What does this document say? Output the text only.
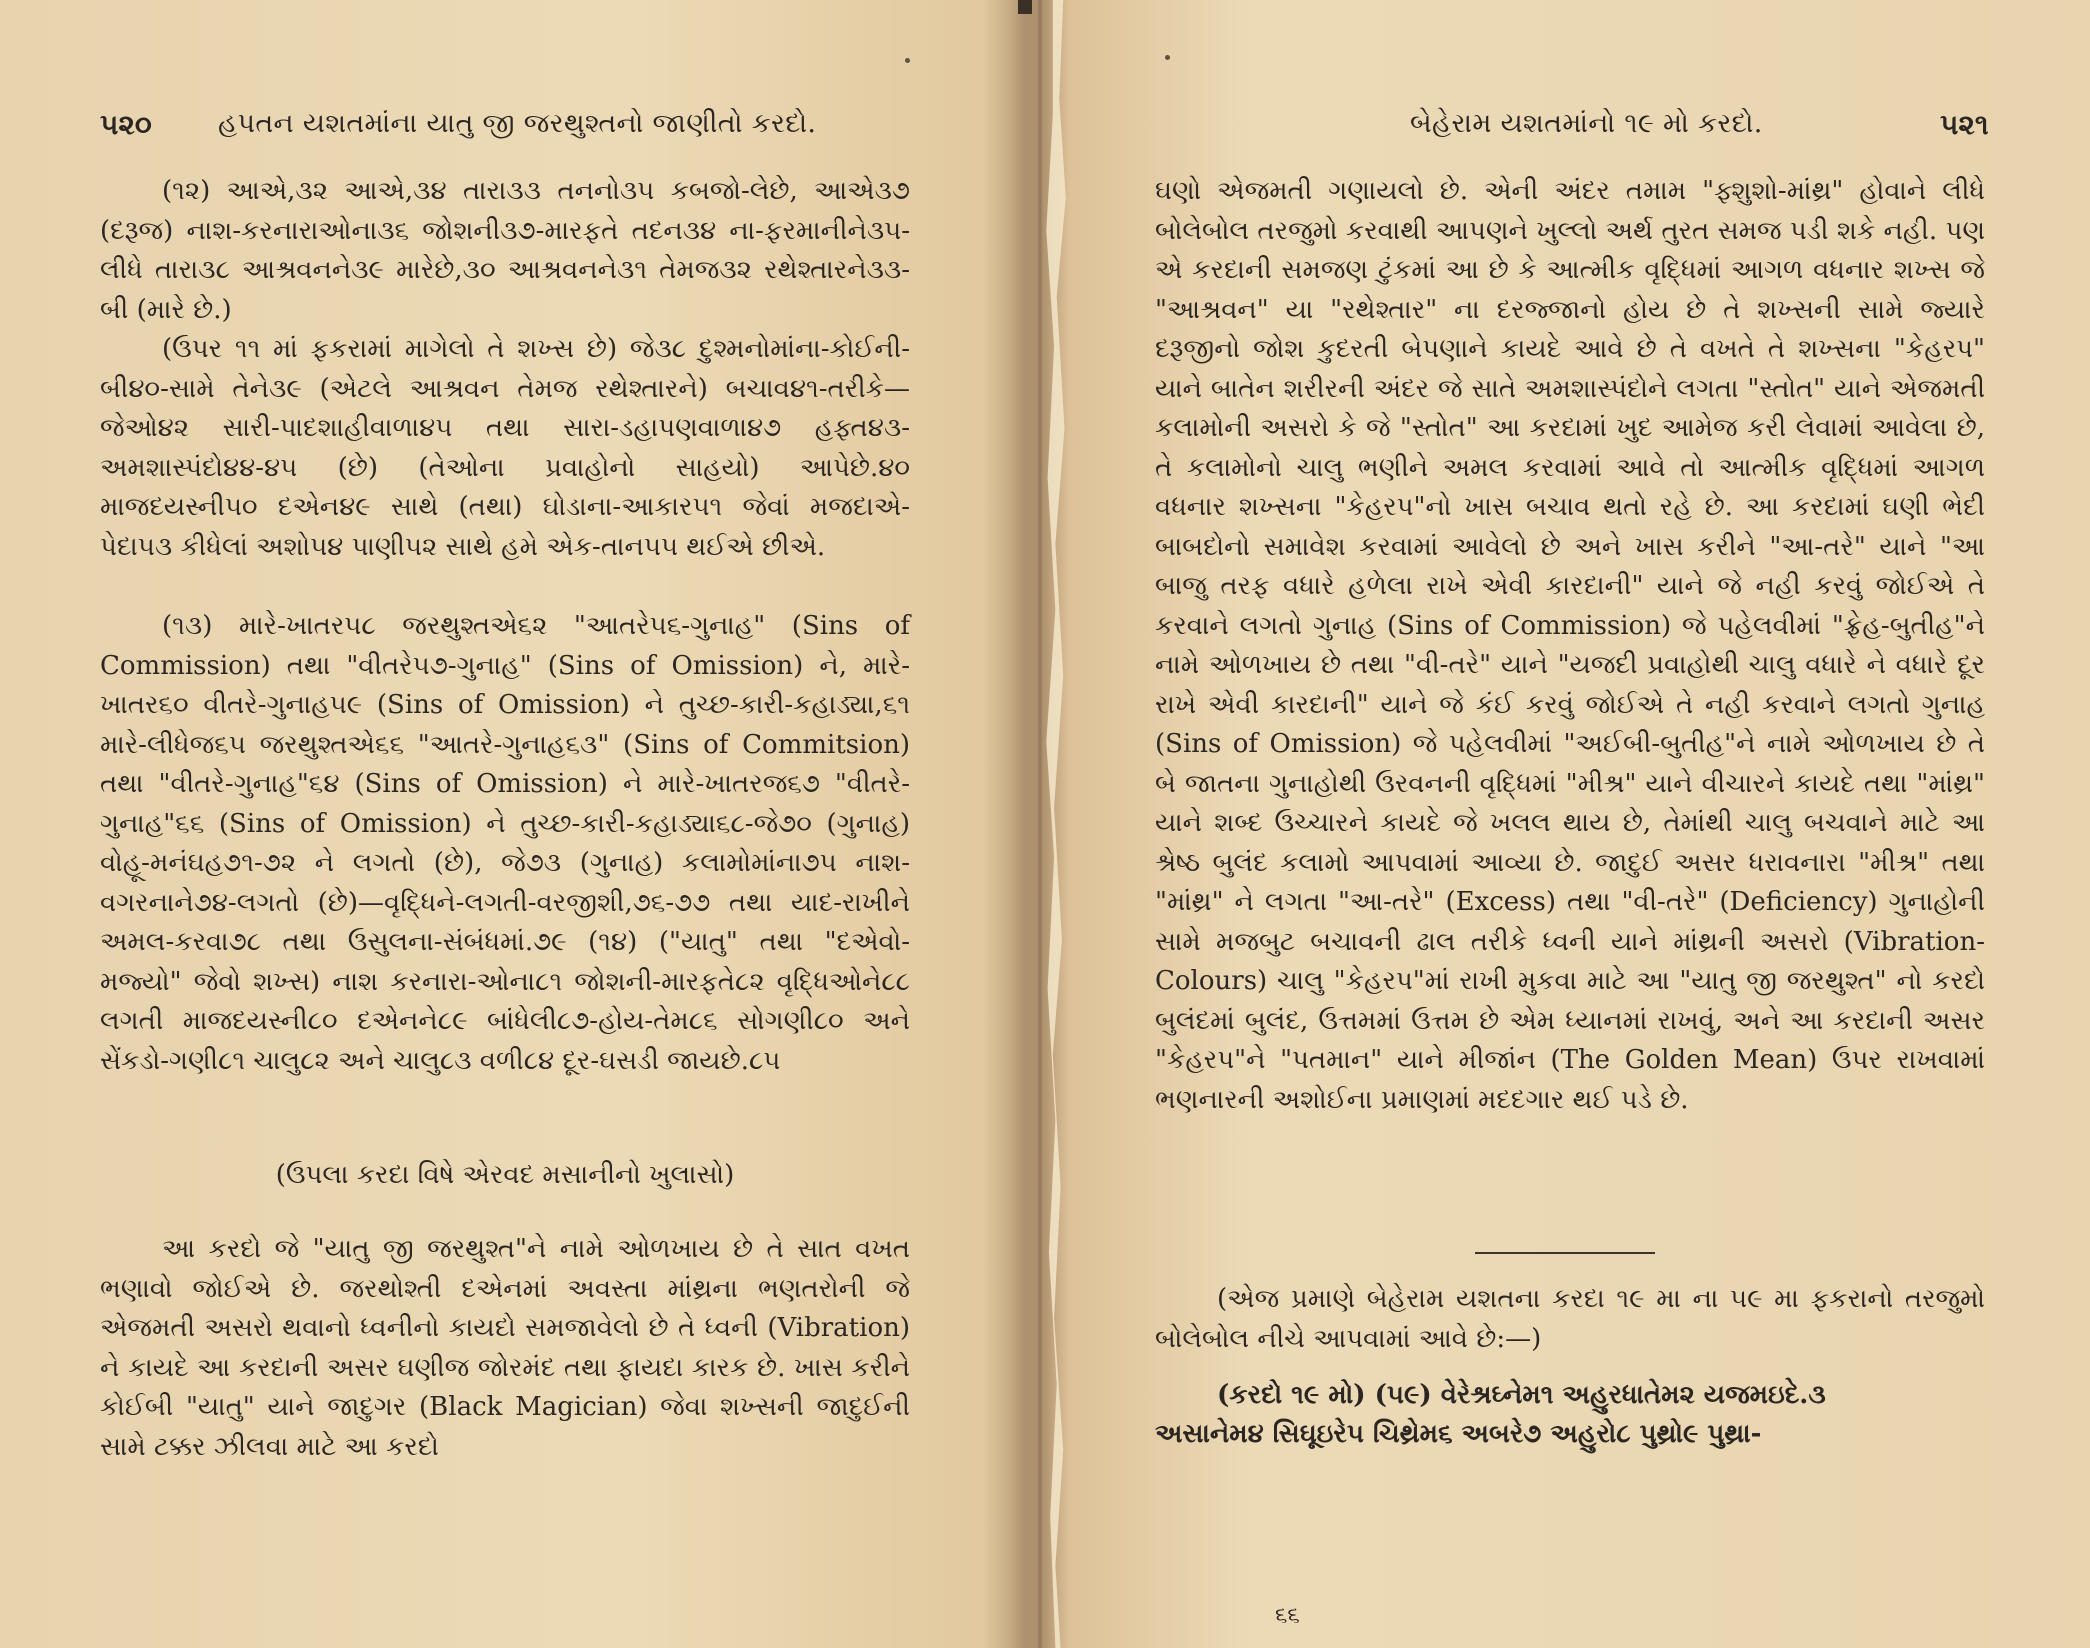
૫૨૦ હપતન યશતમાંના યાતુ જી જરથુશ્તનો જાણીતો કરદો.
(૧૨) આએ,૩૨ આએ,૩૪ તારા૩૩ તનનો૩૫ કબજો-લેછે, આએ૩૭ (દરૂજ) નાશ-કરનારાઓના૩૬ જોશની૩૭-મારફતે તદન૩૪ ના-ફરમાનીને૩૫-લીધે તારા૩૮ આશ્રવનને૩૯ મારેછે,૩૦ આશ્રવનને૩૧ તેમજ૩૨ રથેશ્તારને૩૩-બી (મારે છે.)
(ઉપર ૧૧ માં ફકરામાં માગેલો તે શખ્સ છે) જે૩૮ દુશ્મનોમાંના-કોઈની-બી૪૦-સામે તેને૩૯ (એટલે આશ્રવન તેમજ રથેશ્તારને) બચાવ૪૧-તરીકે—જેઓ૪૨ સારી-પાદશાહીવાળા૪૫ તથા સારા-ડહાપણવાળા૪૭ હફ્ત૪૩-અમશાસ્પંદો૪૪-૪૫ (છે) (તેઓના પ્રવાહોનો સાહયો) આપેછે.૪૦ માજદયસ્ની૫૦ દએન૪૯ સાથે (તથા) ઘોડાના-આકાર૫૧ જેવાં મજદાએ-પેદા૫૩ કીધેલાં અશો૫૪ પાણી૫૨ સાથે હમે એક-તાન૫૫ થઈએ છીએ.
(૧૩) મારે-ખાતર૫૮ જરથુશ્તએ૬૨ "આતરે૫૬-ગુનાહ" (Sins of Commission) તથા "વીતરે૫૭-ગુનાહ" (Sins of Omission) ને, મારે-ખાતર૬૦ વીતરે-ગુનાહ૫૯ (Sins of Omission) ને તુચ્છ-કારી-કહાડ્યા,૬૧ મારે-લીધેજ૬૫ જરથુશ્તએ૬૬ "આતરે-ગુનાહ૬૩" (Sins of Commitsion) તથા "વીતરે-ગુનાહ"૬૪ (Sins of Omission) ને મારે-ખાતરજ૬૭ "વીતરે-ગુનાહ"૬૬ (Sins of Omission) ને તુચ્છ-કારી-કહાડ્યા૬૮-જે૭૦ (ગુનાહ) વોહૂ-મનંઘહ૭૧-૭૨ ને લગતો (છે), જે૭૩ (ગુનાહ) કલામોમાંના૭૫ નાશ-વગરનાને૭૪-લગતો (છે)—વૃદ્ધિને-લગતી-વરજીશી,૭૬-૭૭ તથા યાદ-રાખીને અમલ-કરવા૭૮ તથા ઉસુલના-સંબંધમાં.૭૯ (૧૪) ("યાતુ" તથા "દએવો-મજ્યો" જેવો શખ્સ) નાશ કરનારા-ઓના૮૧ જોશની-મારફતે૮૨ વૃદ્ધિઓને૮૮ લગતી માજદયસ્ની૮૦ દએનને૮૯ બાંધેલી૮૭-હોય-તેમ૮૬ સોગણી૮૦ અને સેંકડો-ગણી૮૧ ચાલુ૮૨ અને ચાલુ૮૩ વળી૮૪ દૂર-ઘસડી જાયછે.૮૫
(ઉપલા કરદા વિષે એરવદ મસાનીનો ખુલાસો)
આ કરદો જે "યાતુ જી જરથુશ્ત"ને નામે ઓળખાય છે તે સાત વખત ભણાવો જોઈએ છે. જરથોશ્તી દએનમાં અવસ્તા માંથ્રના ભણતરોની જે એજમતી અસરો થવાનો ધ્વનીનો કાયદો સમજાવેલો છે તે ધ્વની (Vibration) ને કાયદે આ કરદાની અસર ઘણીજ જોરમંદ તથા ફાયદા કારક છે. ખાસ કરીને કોઈબી "યાતુ" યાને જાદુગર (Black Magician) જેવા શખ્સની જાદુઈની સામે ટક્કર ઝીલવા માટે આ કરદો
બેહેરામ યશતમાંનો ૧૯ મો કરદો.	૫૨૧
ઘણો એજમતી ગણાયલો છે. એની અંદર તમામ "ફ્શુશો-માંથ્ર" હોવાને લીધે બોલેબોલ તરજુમો કરવાથી આપણને ખુલ્લો અર્થ તુરત સમજ પડી શકે નહી. પણ એ કરદાની સમજણ ટુંકમાં આ છે કે આત્મીક વૃદ્ધિમાં આગળ વધનાર શખ્સ જે "આશ્રવન" યા "રથેશ્તાર" ના દરજ્જાનો હોય છે તે શખ્સની સામે જ્યારે દરૂજીનો જોશ કુદરતી બેપણાને કાયદે આવે છે તે વખતે તે શખ્સના "કેહરપ" યાને બાતેન શરીરની અંદર જે સાતે અમશાસ્પંદોને લગતા "સ્તોત" યાને એજમતી કલામોની અસરો કે જે "સ્તોત" આ કરદામાં ખુદ આમેજ કરી લેવામાં આવેલા છે, તે કલામોનો ચાલુ ભણીને અમલ કરવામાં આવે તો આત્મીક વૃદ્ધિમાં આગળ વધનાર શખ્સના "કેહરપ"નો ખાસ બચાવ થતો રહે છે. આ કરદામાં ઘણી ભેદી બાબદોનો સમાવેશ કરવામાં આવેલો છે અને ખાસ કરીને "આ-તરે" યાને "આ બાજુ તરફ વધારે હળેલા રાખે એવી કારદાની" યાને જે નહી કરવું જોઈએ તે કરવાને લગતો ગુનાહ (Sins of Commission) જે પહેલવીમાં "ફ્રેહ-બુતીહ"ને નામે ઓળખાય છે તથા "વી-તરે" યાને "યજદી પ્રવાહોથી ચાલુ વધારે ને વધારે દૂર રાખે એવી કારદાની" યાને જે કંઈ કરવું જોઈએ તે નહી કરવાને લગતો ગુનાહ (Sins of Omission) જે પહેલવીમાં "અઈબી-બુતીહ"ને નામે ઓળખાય છે તે બે જાતના ગુનાહોથી ઉરવનની વૃદ્ધિમાં "મીશ્ર" યાને વીચારને કાયદે તથા "માંથ્ર" યાને શબ્દ ઉચ્ચારને કાયદે જે ખલલ થાય છે, તેમાંથી ચાલુ બચવાને માટે આ શ્રેષ્ઠ બુલંદ કલામો આપવામાં આવ્યા છે. જાદુઈ અસર ધરાવનારા "મીશ્ર" તથા "માંથ્ર" ને લગતા "આ-તરે" (Excess) તથા "વી-તરે" (Deficiency) ગુનાહોની સામે મજબુટ બચાવની ઢાલ તરીકે ધ્વની યાને માંથ્રની અસરો (Vibration-Colours) ચાલુ "કેહરપ"માં રાખી મુકવા માટે આ "યાતુ જી જરથુશ્ત" નો કરદો બુલંદમાં બુલંદ, ઉત્તમમાં ઉત્તમ છે એમ ધ્યાનમાં રાખવું, અને આ કરદાની અસર "કેહરપ"ને "પતમાન" યાને મીજાંન (The Golden Mean) ઉપર રાખવામાં ભણનારની અશોઈના પ્રમાણમાં મદદગાર થઈ પડે છે.
(એજ પ્રમાણે બેહેરામ યશતના કરદા ૧૯ મા ના ૫૯ મા ફકરાનો તરજુમો બોલેબોલ નીચે આપવામાં આવે છે:—)
(કરદો ૧૯ મો) (૫૯) વેરેશ્રઘ્નેમ૧ અહુરધાતેમ૨ યજમઇદે.૩
અસાનેમ૪ સિઘૂઇરે૫ ચિથ્રેમ૬ અબરે૭ અહુરો૮ પુથ્રો૯ પુથ્રા-
૬૬
